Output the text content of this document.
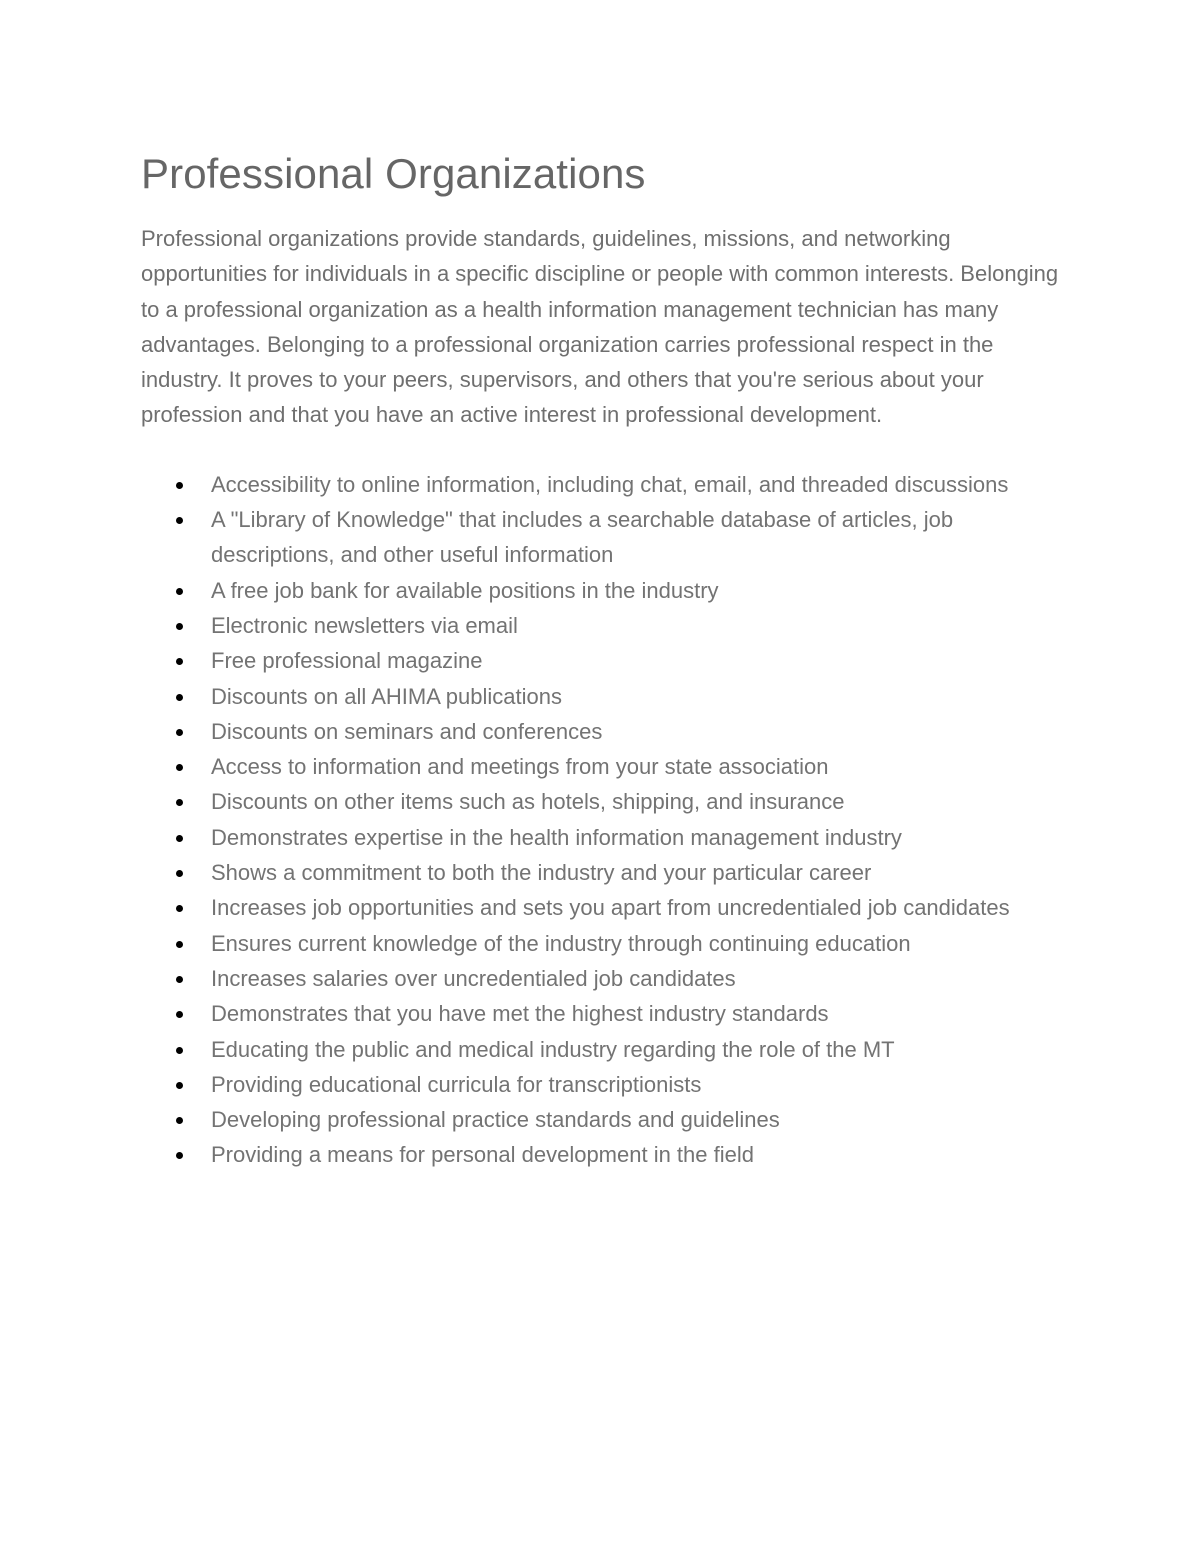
Professional Organizations

Professional organizations provide standards, guidelines, missions, and networking opportunities for individuals in a specific discipline or people with common interests. Belonging to a professional organization as a health information management technician has many advantages. Belonging to a professional organization carries professional respect in the industry. It proves to your peers, supervisors, and others that you're serious about your profession and that you have an active interest in professional development.

Accessibility to online information, including chat, email, and threaded discussions
A "Library of Knowledge" that includes a searchable database of articles, job descriptions, and other useful information
A free job bank for available positions in the industry
Electronic newsletters via email
Free professional magazine
Discounts on all AHIMA publications
Discounts on seminars and conferences
Access to information and meetings from your state association
Discounts on other items such as hotels, shipping, and insurance
Demonstrates expertise in the health information management industry
Shows a commitment to both the industry and your particular career
Increases job opportunities and sets you apart from uncredentialed job candidates
Ensures current knowledge of the industry through continuing education
Increases salaries over uncredentialed job candidates
Demonstrates that you have met the highest industry standards
Educating the public and medical industry regarding the role of the MT
Providing educational curricula for transcriptionists
Developing professional practice standards and guidelines
Providing a means for personal development in the field
